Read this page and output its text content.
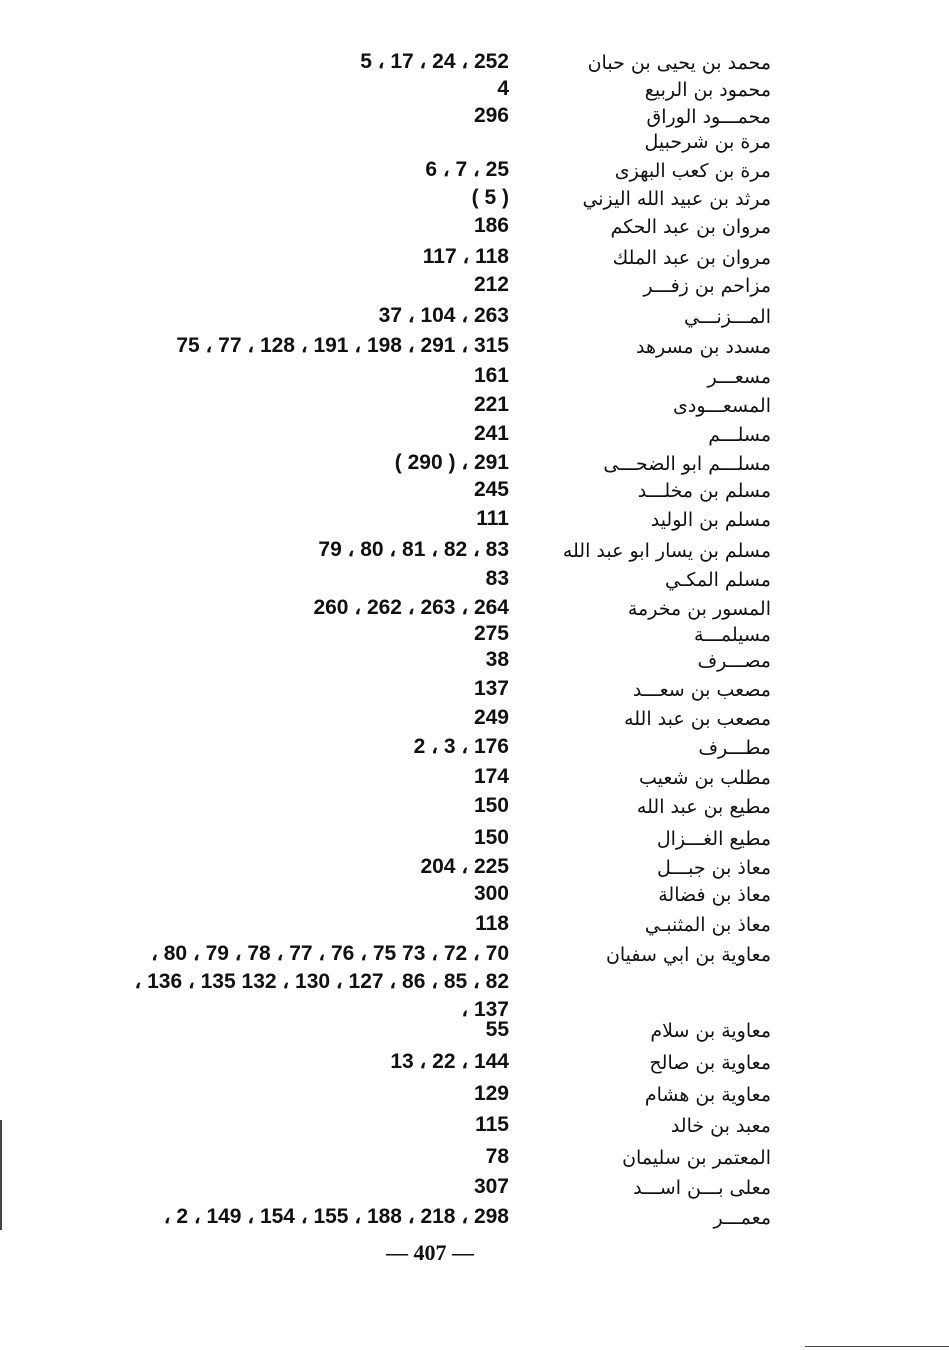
محمد بن يحيى بن حبان
252 ، 24 ، 17 ، 5
محمود بن الربيع
4
محمـــود الوراق
296
مرة بن شرحبيل
مرة بن كعب البهزى
25 ، 7 ، 6
مرثد بن عبيد الله اليزني
( 5 )
مروان بن عبد الحكم
186
مروان بن عبد الملك
118 ، 117
مزاحم بن زفـــر
212
المـــزنـــي
263 ، 104 ، 37
مسدد بن مسرهد
315 ، 291 ، 198 ، 191 ، 128 ، 77 ، 75
مسعـــر
161
المسعـــودى
221
مسلـــم
241
مسلـــم ابو الضحـــى
291 ، ( 290 )
مسلم بن مخلـــد
245
مسلم بن الوليد
111
مسلم بن يسار ابو عبد الله
83 ، 82 ، 81 ، 80 ، 79
مسلم المكـي
83
المسور بن مخرمة
264 ، 263 ، 262 ، 260
مسيلمـــة
275
مصـــرف
38
مصعب بن سعـــد
137
مصعب بن عبد الله
249
مطـــرف
176 ، 3 ، 2
مطلب بن شعيب
174
مطيع بن عبد الله
150
مطيع الغـــزال
150
معاذ بن جبـــل
225 ، 204
معاذ بن فضالة
300
معاذ بن المثنبـي
118
معاوية بن ابي سفيان
70 ، 72 ، 73 75 ، 76 ، 77 ، 78 ، 79 ، 80 ،
82 ، 85 ، 86 ، 127 ، 130 ، 132 135 ، 136 ،
137 ،
معاوية بن سلام
55
معاوية بن صالح
144 ، 22 ، 13
معاوية بن هشام
129
معبد بن خالد
115
المعتمر بن سليمان
78
معلى بـــن اســـد
307
معمـــر
298 ، 218 ، 188 ، 155 ، 154 ، 149 ، 2 ،
— 407 —
